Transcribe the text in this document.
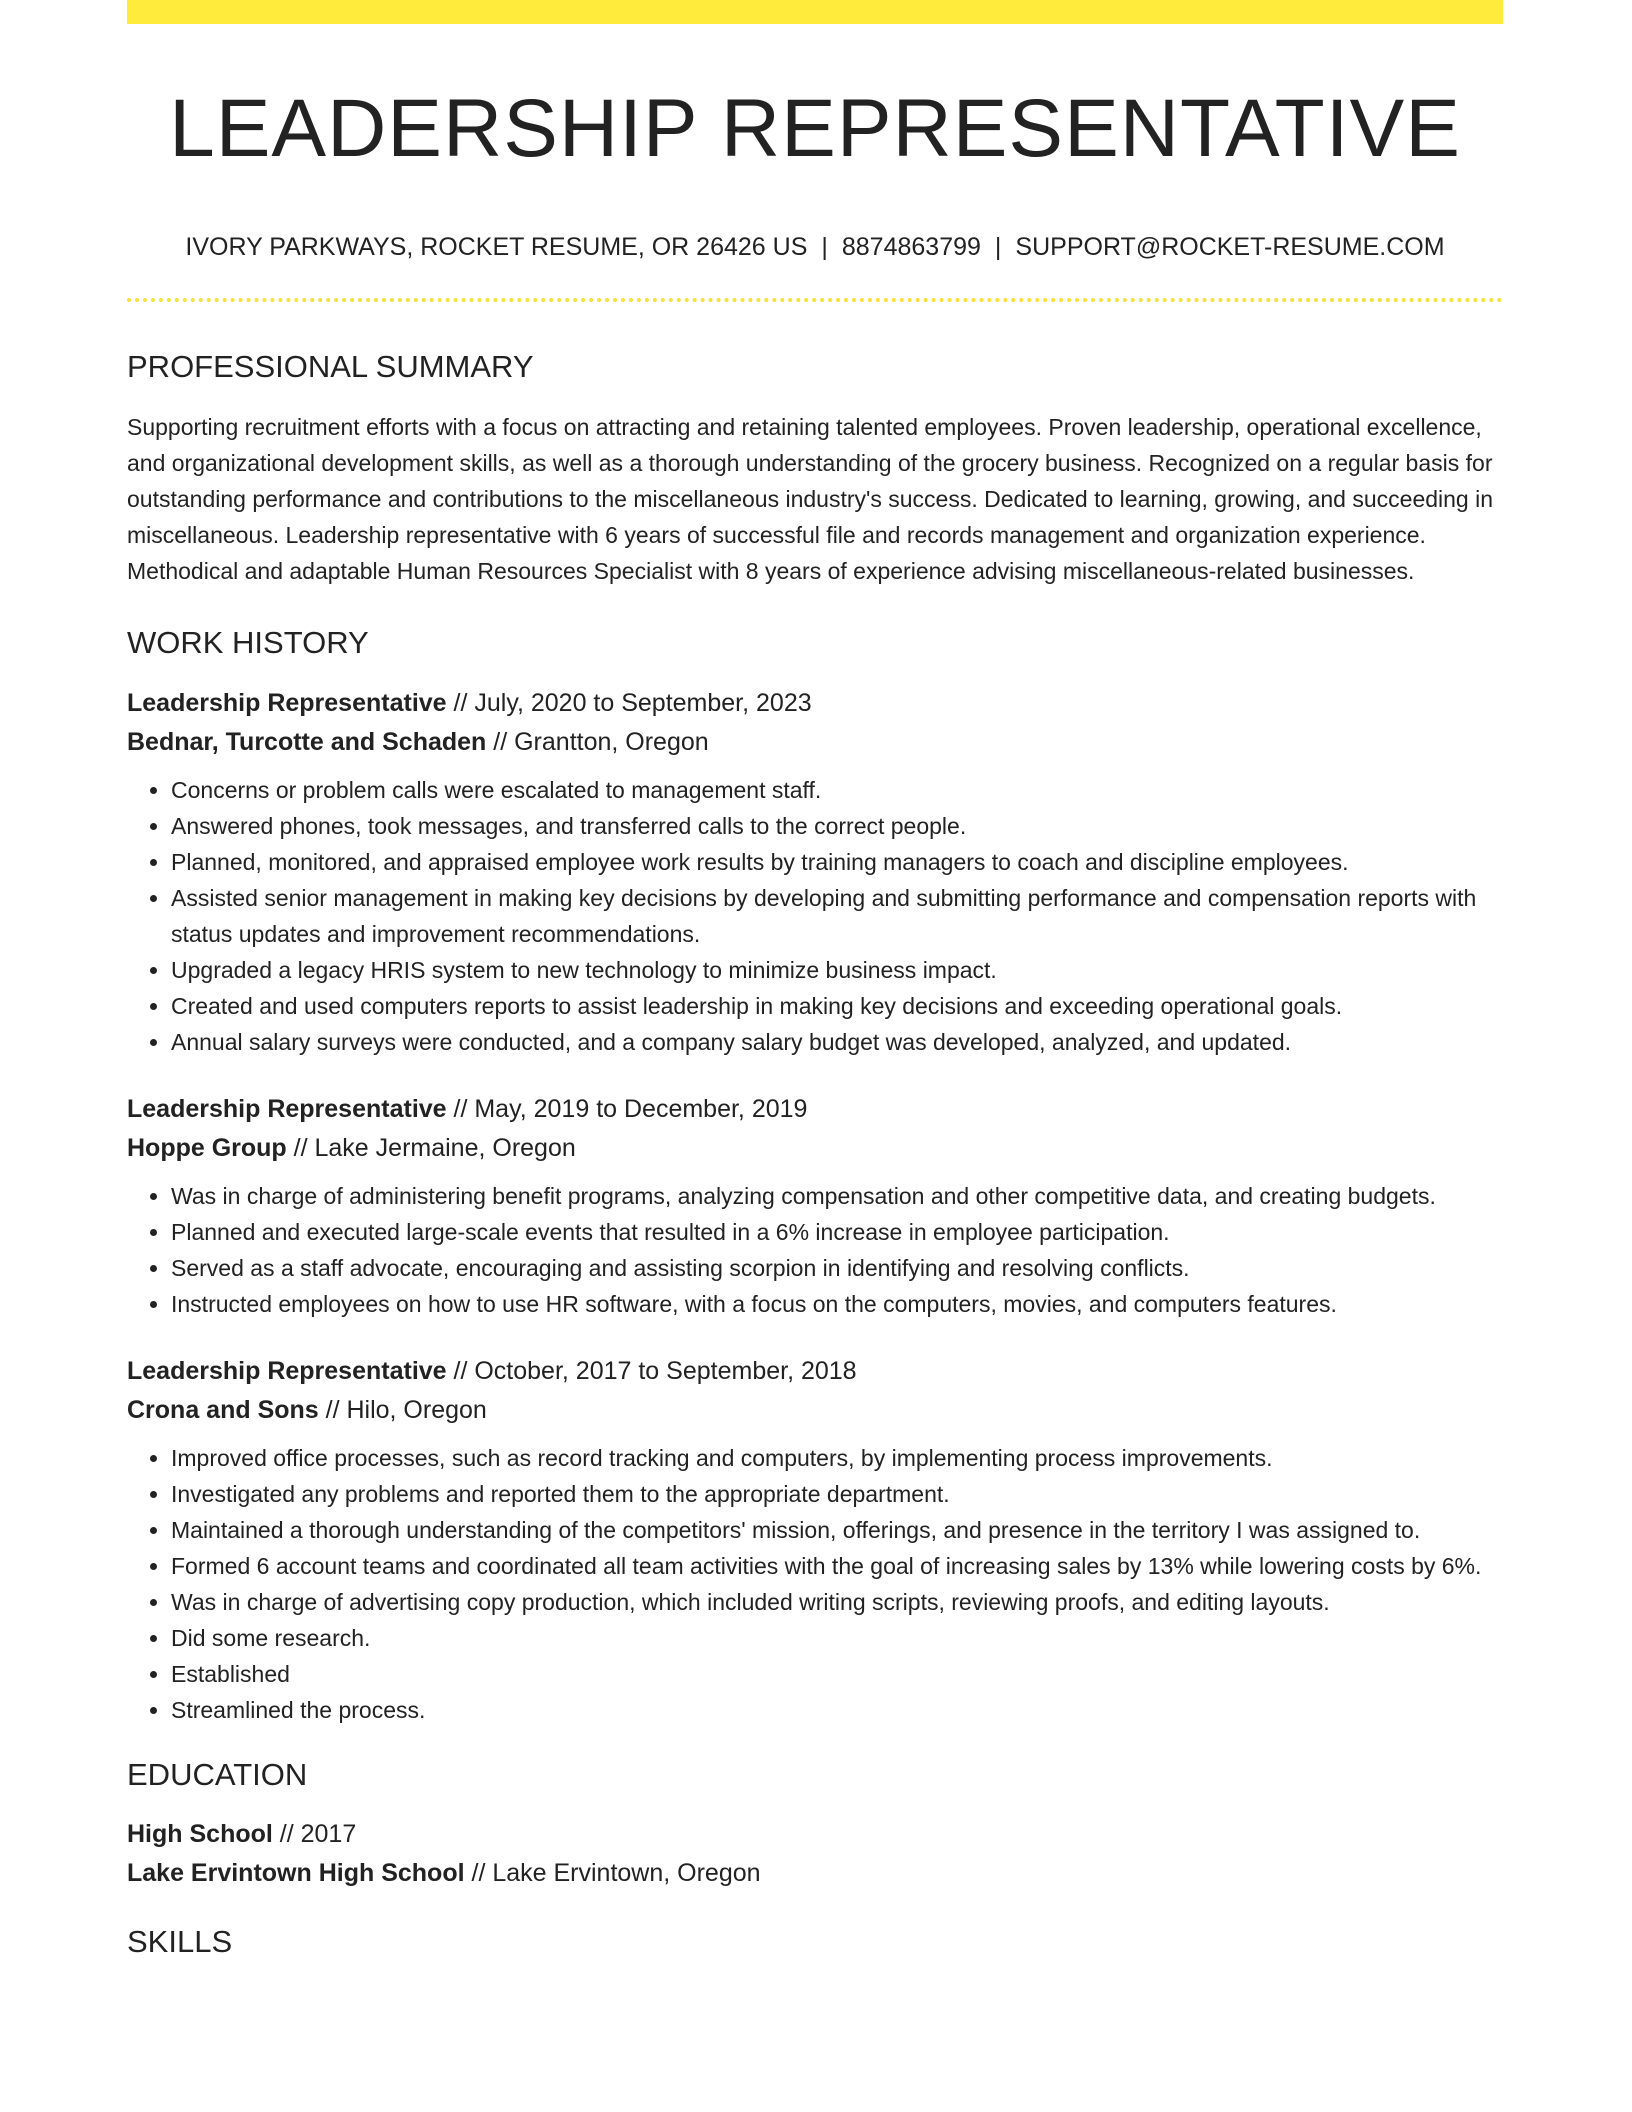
LEADERSHIP REPRESENTATIVE
IVORY PARKWAYS, ROCKET RESUME, OR 26426 US | 8874863799 | SUPPORT@ROCKET-RESUME.COM
PROFESSIONAL SUMMARY

Supporting recruitment efforts with a focus on attracting and retaining talented employees. Proven leadership, operational excellence, and organizational development skills, as well as a thorough understanding of the grocery business. Recognized on a regular basis for outstanding performance and contributions to the miscellaneous industry's success. Dedicated to learning, growing, and succeeding in miscellaneous. Leadership representative with 6 years of successful file and records management and organization experience. Methodical and adaptable Human Resources Specialist with 8 years of experience advising miscellaneous-related businesses.

WORK HISTORY
Leadership Representative // July, 2020 to September, 2023
Bednar, Turcotte and Schaden // Grantton, Oregon
• Concerns or problem calls were escalated to management staff.
• Answered phones, took messages, and transferred calls to the correct people.
• Planned, monitored, and appraised employee work results by training managers to coach and discipline employees.
• Assisted senior management in making key decisions by developing and submitting performance and compensation reports with status updates and improvement recommendations.
• Upgraded a legacy HRIS system to new technology to minimize business impact.
• Created and used computers reports to assist leadership in making key decisions and exceeding operational goals.
• Annual salary surveys were conducted, and a company salary budget was developed, analyzed, and updated.
Leadership Representative // May, 2019 to December, 2019
Hoppe Group // Lake Jermaine, Oregon
• Was in charge of administering benefit programs, analyzing compensation and other competitive data, and creating budgets.
• Planned and executed large-scale events that resulted in a 6% increase in employee participation.
• Served as a staff advocate, encouraging and assisting scorpion in identifying and resolving conflicts.
• Instructed employees on how to use HR software, with a focus on the computers, movies, and computers features.
Leadership Representative // October, 2017 to September, 2018
Crona and Sons // Hilo, Oregon
• Improved office processes, such as record tracking and computers, by implementing process improvements.
• Investigated any problems and reported them to the appropriate department.
• Maintained a thorough understanding of the competitors' mission, offerings, and presence in the territory I was assigned to.
• Formed 6 account teams and coordinated all team activities with the goal of increasing sales by 13% while lowering costs by 6%.
• Was in charge of advertising copy production, which included writing scripts, reviewing proofs, and editing layouts.
• Did some research.
• Established
• Streamlined the process.
EDUCATION
High School // 2017
Lake Ervintown High School // Lake Ervintown, Oregon
SKILLS
